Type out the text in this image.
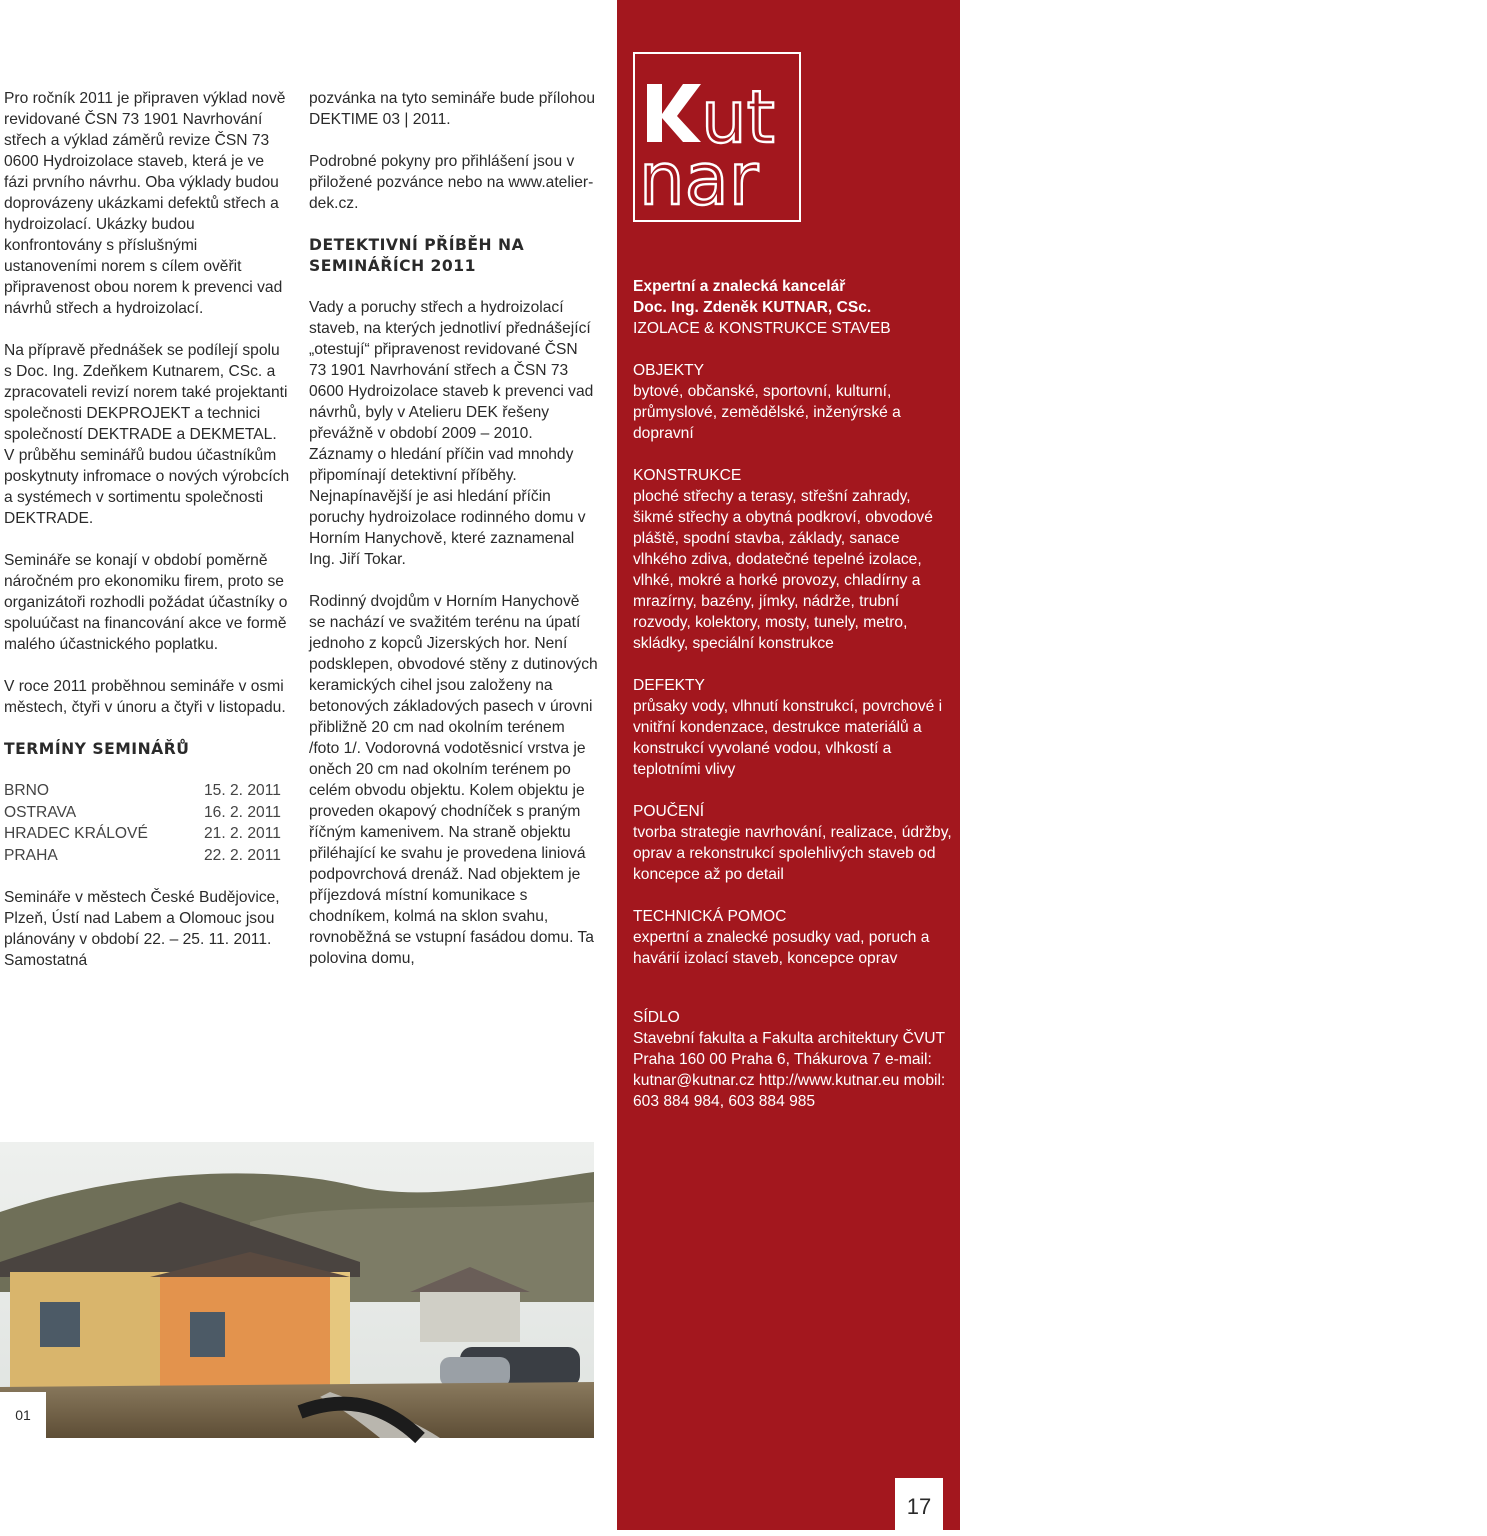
Pro ročník 2011 je připraven výklad nově revidované ČSN 73 1901 Navrhování střech a výklad záměrů revize ČSN 73 0600 Hydroizolace staveb, která je ve fázi prvního návrhu. Oba výklady budou doprovázeny ukázkami defektů střech a hydroizolací. Ukázky budou konfrontovány s příslušnými ustanoveními norem s cílem ověřit připravenost obou norem k prevenci vad návrhů střech a hydroizolací.

Na přípravě přednášek se podílejí spolu s Doc. Ing. Zdeňkem Kutnarem, CSc. a zpracovateli revizí norem také projektanti společnosti DEKPROJEKT a technici společností DEKTRADE a DEKMETAL. V průběhu seminářů budou účastníkům poskytnuty infromace o nových výrobcích a systémech v sortimentu společnosti DEKTRADE.

Semináře se konají v období poměrně náročném pro ekonomiku firem, proto se organizátoři rozhodli požádat účastníky o spoluúčast na financování akce ve formě malého účastnického poplatku.

V roce 2011 proběhnou semináře v osmi městech, čtyři v únoru a čtyři v listopadu.

TERMÍNY SEMINÁŘŮ
BRNO	15. 2. 2011
OSTRAVA	16. 2. 2011
HRADEC KRÁLOVÉ	21. 2. 2011
PRAHA	22. 2. 2011

Semináře v městech České Budějovice, Plzeň, Ústí nad Labem a Olomouc jsou plánovány v období 22. – 25. 11. 2011. Samostatná

pozvánka na tyto semináře bude přílohou DEKTIME 03 | 2011.

Podrobné pokyny pro přihlášení jsou v přiložené pozvánce nebo na www.atelier-dek.cz.

DETEKTIVNÍ PŘÍBĚH NA SEMINÁŘÍCH 2011

Vady a poruchy střech a hydroizolací staveb, na kterých jednotliví přednášející „otestují“ připravenost revidované ČSN 73 1901 Navrhování střech a ČSN 73 0600 Hydroizolace staveb k prevenci vad návrhů, byly v Atelieru DEK řešeny převážně v období 2009 – 2010. Záznamy o hledání příčin vad mnohdy připomínají detektivní příběhy. Nejnapínavější je asi hledání příčin poruchy hydroizolace rodinného domu v Horním Hanychově, které zaznamenal Ing. Jiří Tokar.

Rodinný dvojdům v Horním Hanychově se nachází ve svažitém terénu na úpatí jednoho z kopců Jizerských hor. Není podsklepen, obvodové stěny z dutinových keramických cihel jsou založeny na betonových základových pasech v úrovni přibližně 20 cm nad okolním terénem /foto 1/. Vodorovná vodotěsnicí vrstva je oněch 20 cm nad okolním terénem po celém obvodu objektu. Kolem objektu je proveden okapový chodníček s praným říčným kamenivem. Na straně objektu přiléhající ke svahu je provedena liniová podpovrchová drenáž. Nad objektem je příjezdová místní komunikace s chodníkem, kolmá na sklon svahu, rovnoběžná se vstupní fasádou domu. Ta polovina domu,

ut
nar

Expertní a znalecká kancelář
Doc. Ing. Zdeněk KUTNAR, CSc.
IZOLACE & KONSTRUKCE STAVEB

OBJEKTY
bytové, občanské, sportovní, kulturní, průmyslové, zemědělské, inženýrské a dopravní

KONSTRUKCE
ploché střechy a terasy, střešní zahrady, šikmé střechy a obytná podkroví, obvodové pláště, spodní stavba, základy, sanace vlhkého zdiva, dodatečné tepelné izolace, vlhké, mokré a horké provozy, chladírny a mrazírny, bazény, jímky, nádrže, trubní rozvody, kolektory, mosty, tunely, metro, skládky, speciální konstrukce

DEFEKTY
průsaky vody, vlhnutí konstrukcí, povrchové i vnitřní kondenzace, destrukce materiálů a konstrukcí vyvolané vodou, vlhkostí a teplotními vlivy

POUČENÍ
tvorba strategie navrhování, realizace, údržby, oprav a rekonstrukcí spolehlivých staveb od koncepce až po detail

TECHNICKÁ POMOC
expertní a znalecké posudky vad, poruch a havárií izolací staveb, koncepce oprav

SÍDLO
Stavební fakulta a Fakulta architektury ČVUT Praha 160 00 Praha 6, Thákurova 7 e-mail: kutnar@kutnar.cz http://www.kutnar.eu mobil: 603 884 984, 603 884 985

DEKTIME 01 | 2011
17
01
